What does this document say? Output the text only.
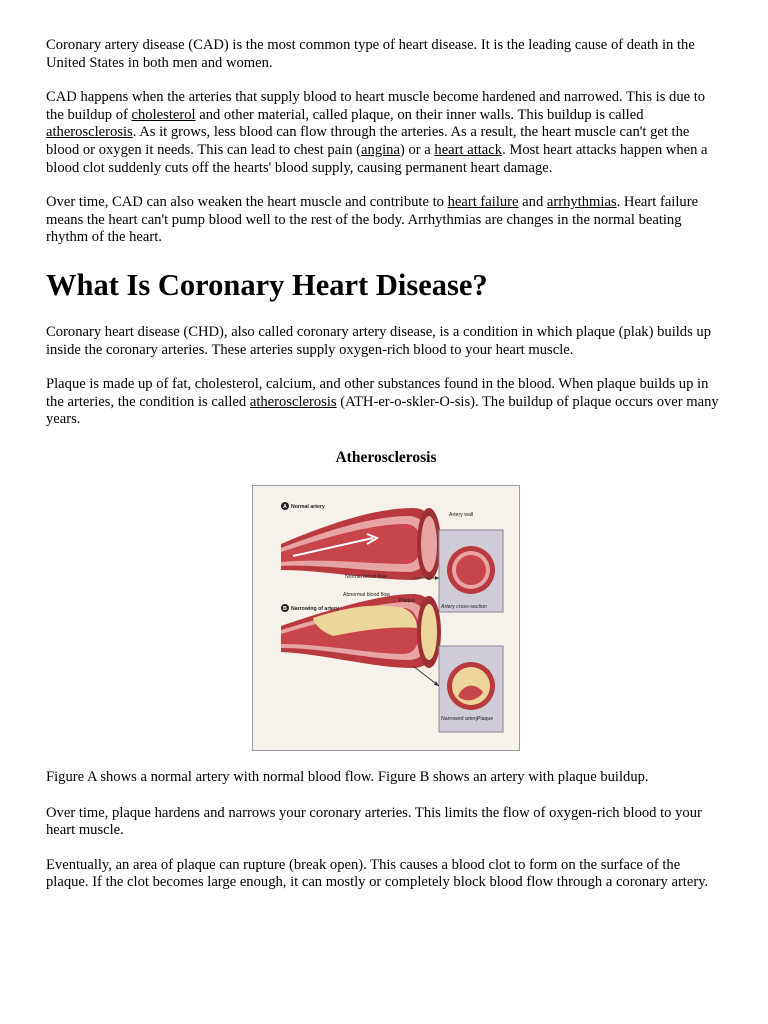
Coronary artery disease (CAD) is the most common type of heart disease. It is the leading cause of death in the United States in both men and women.

CAD happens when the arteries that supply blood to heart muscle become hardened and narrowed. This is due to the buildup of cholesterol and other material, called plaque, on their inner walls. This buildup is called atherosclerosis. As it grows, less blood can flow through the arteries. As a result, the heart muscle can't get the blood or oxygen it needs. This can lead to chest pain (angina) or a heart attack. Most heart attacks happen when a blood clot suddenly cuts off the hearts' blood supply, causing permanent heart damage.

Over time, CAD can also weaken the heart muscle and contribute to heart failure and arrhythmias. Heart failure means the heart can't pump blood well to the rest of the body. Arrhythmias are changes in the normal beating rhythm of the heart.

What Is Coronary Heart Disease?

Coronary heart disease (CHD), also called coronary artery disease, is a condition in which plaque (plak) builds up inside the coronary arteries. These arteries supply oxygen-rich blood to your heart muscle.

Plaque is made up of fat, cholesterol, calcium, and other substances found in the blood. When plaque builds up in the arteries, the condition is called atherosclerosis (ATH-er-o-skler-O-sis). The buildup of plaque occurs over many years.

Atherosclerosis
A Normal artery
Artery wall
Normal blood flow
Abnormal blood flow
Plaque
Artery cross-section
B Narrowing of artery
Narrowed artery
Plaque

Figure A shows a normal artery with normal blood flow. Figure B shows an artery with plaque buildup.

Over time, plaque hardens and narrows your coronary arteries. This limits the flow of oxygen-rich blood to your heart muscle.

Eventually, an area of plaque can rupture (break open). This causes a blood clot to form on the surface of the plaque. If the clot becomes large enough, it can mostly or completely block blood flow through a coronary artery.
